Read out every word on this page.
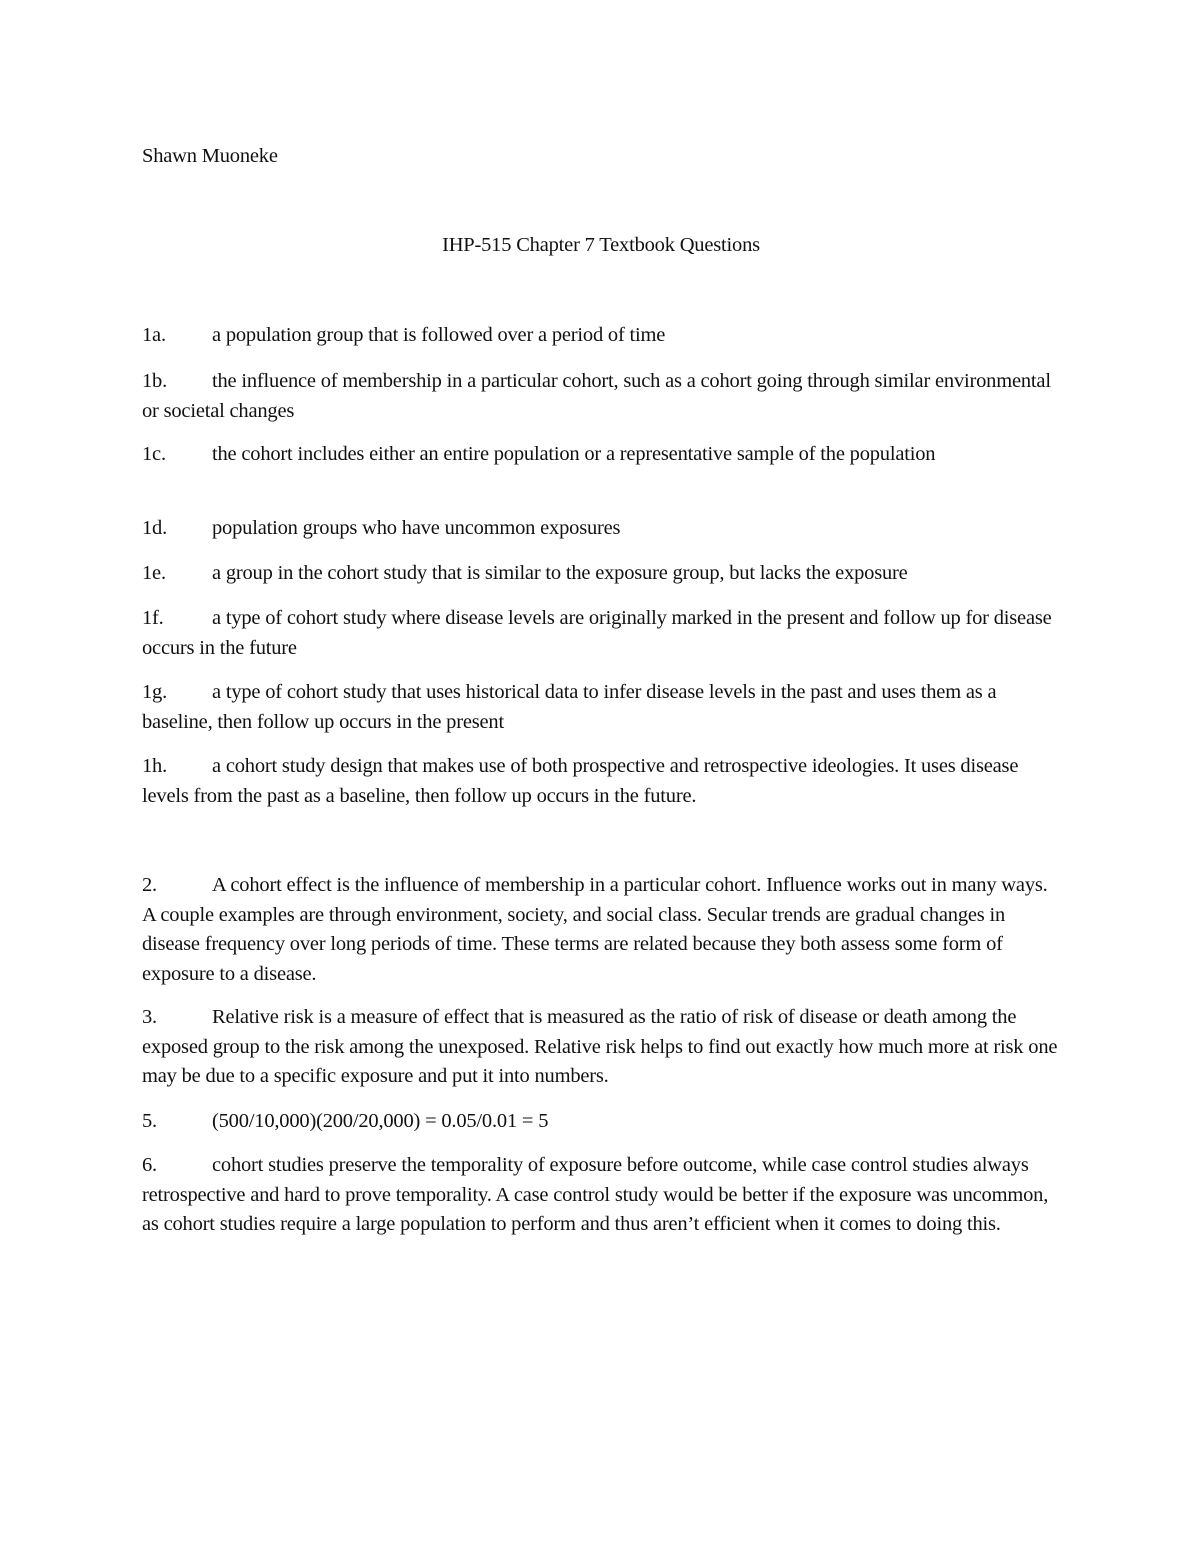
Shawn Muoneke
IHP-515 Chapter 7 Textbook Questions
1a. a population group that is followed over a period of time
1b. the influence of membership in a particular cohort, such as a cohort going through similar environmental or societal changes
1c. the cohort includes either an entire population or a representative sample of the population
1d. population groups who have uncommon exposures
1e. a group in the cohort study that is similar to the exposure group, but lacks the exposure
1f. a type of cohort study where disease levels are originally marked in the present and follow up for disease occurs in the future
1g. a type of cohort study that uses historical data to infer disease levels in the past and uses them as a baseline, then follow up occurs in the present
1h. a cohort study design that makes use of both prospective and retrospective ideologies. It uses disease levels from the past as a baseline, then follow up occurs in the future.
2.	A cohort effect is the influence of membership in a particular cohort. Influence works out in many ways. A couple examples are through environment, society, and social class. Secular trends are gradual changes in disease frequency over long periods of time. These terms are related because they both assess some form of exposure to a disease.
3.	Relative risk is a measure of effect that is measured as the ratio of risk of disease or death among the exposed group to the risk among the unexposed. Relative risk helps to find out exactly how much more at risk one may be due to a specific exposure and put it into numbers.
5.	(500/10,000)(200/20,000) = 0.05/0.01 = 5
6.	cohort studies preserve the temporality of exposure before outcome, while case control studies always retrospective and hard to prove temporality. A case control study would be better if the exposure was uncommon, as cohort studies require a large population to perform and thus aren’t efficient when it comes to doing this.
